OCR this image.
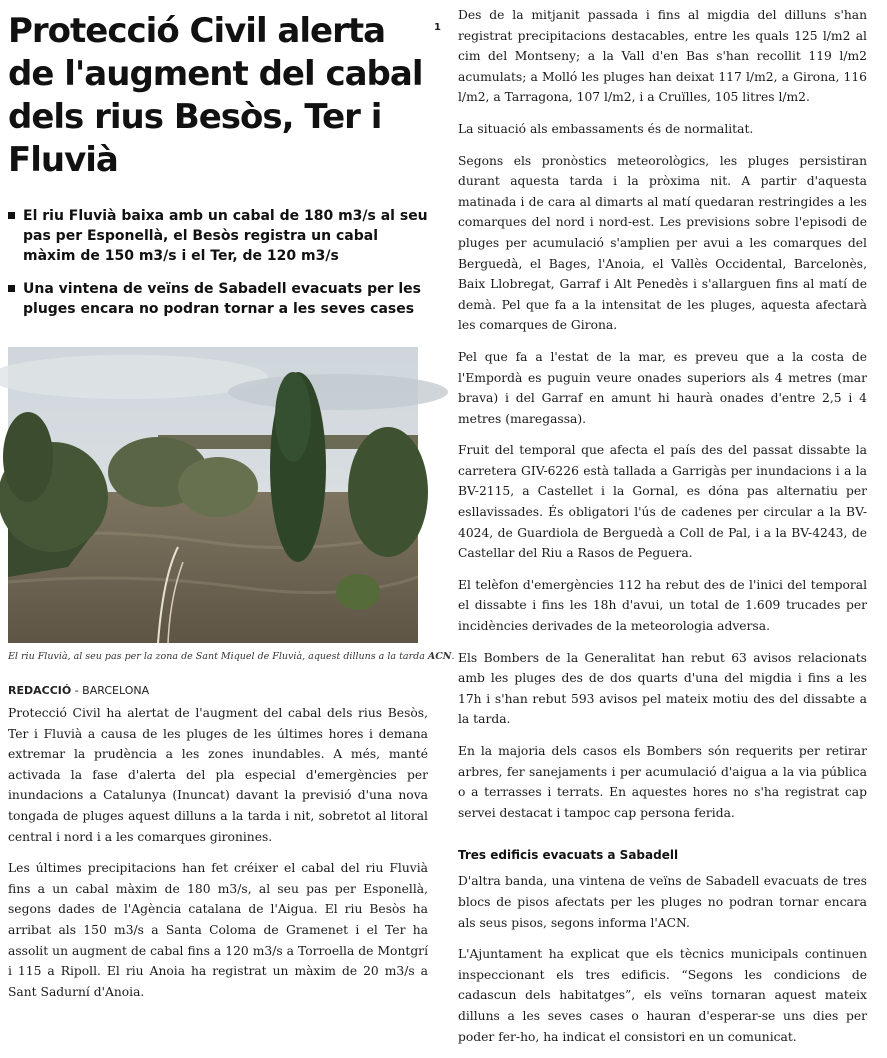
1
Protecció Civil alerta de l'augment del cabal dels rius Besòs, Ter i Fluvià
El riu Fluvià baixa amb un cabal de 180 m3/s al seu pas per Esponellà, el Besòs registra un cabal màxim de 150 m3/s i el Ter, de 120 m3/s
Una vintena de veïns de Sabadell evacuats per les pluges encara no podran tornar a les seves cases
El riu Fluvià, al seu pas per la zona de Sant Miquel de Fluvià, aquest dilluns a la tarda ACN.
REDACCIÓ - BARCELONA

Protecció Civil ha alertat de l'augment del cabal dels rius Besòs, Ter i Fluvià a causa de les pluges de les últimes hores i demana extremar la prudència a les zones inundables. A més, manté activada la fase d'alerta del pla especial d'emergències per inundacions a Catalunya (Inuncat) davant la previsió d'una nova tongada de pluges aquest dilluns a la tarda i nit, sobretot al litoral central i nord i a les comarques gironines.

Les últimes precipitacions han fet créixer el cabal del riu Fluvià fins a un cabal màxim de 180 m3/s, al seu pas per Esponellà, segons dades de l'Agència catalana de l'Aigua. El riu Besòs ha arribat als 150 m3/s a Santa Coloma de Gramenet i el Ter ha assolit un augment de cabal fins a 120 m3/s a Torroella de Montgrí i 115 a Ripoll. El riu Anoia ha registrat un màxim de 20 m3/s a Sant Sadurní d'Anoia.

Des de la mitjanit passada i fins al migdia del dilluns s'han registrat precipitacions destacables, entre les quals 125 l/m2 al cim del Montseny; a la Vall d'en Bas s'han recollit 119 l/m2 acumulats; a Molló les pluges han deixat 117 l/m2, a Girona, 116 l/m2, a Tarragona, 107 l/m2, i a Cruïlles, 105 litres l/m2.

La situació als embassaments és de normalitat.

Segons els pronòstics meteorològics, les pluges persistiran durant aquesta tarda i la pròxima nit. A partir d'aquesta matinada i de cara al dimarts al matí quedaran restringides a les comarques del nord i nord-est. Les previsions sobre l'episodi de pluges per acumulació s'amplien per avui a les comarques del Berguedà, el Bages, l'Anoia, el Vallès Occidental, Barcelonès, Baix Llobregat, Garraf i Alt Penedès i s'allarguen fins al matí de demà. Pel que fa a la intensitat de les pluges, aquesta afectarà les comarques de Girona.

Pel que fa a l'estat de la mar, es preveu que a la costa de l'Empordà es puguin veure onades superiors als 4 metres (mar brava) i del Garraf en amunt hi haurà onades d'entre 2,5 i 4 metres (maregassa).

Fruit del temporal que afecta el país des del passat dissabte la carretera GIV-6226 està tallada a Garrigàs per inundacions i a la BV-2115, a Castellet i la Gornal, es dóna pas alternatiu per esllavissades. És obligatori l'ús de cadenes per circular a la BV-4024, de Guardiola de Berguedà a Coll de Pal, i a la BV-4243, de Castellar del Riu a Rasos de Peguera.

El telèfon d'emergències 112 ha rebut des de l'inici del temporal el dissabte i fins les 18h d'avui, un total de 1.609 trucades per incidències derivades de la meteorologia adversa.

Els Bombers de la Generalitat han rebut 63 avisos relacionats amb les pluges des de dos quarts d'una del migdia i fins a les 17h i s'han rebut 593 avisos pel mateix motiu des del dissabte a la tarda.

En la majoria dels casos els Bombers són requerits per retirar arbres, fer sanejaments i per acumulació d'aigua a la via pública o a terrasses i terrats. En aquestes hores no s'ha registrat cap servei destacat i tampoc cap persona ferida.

Tres edificis evacuats a Sabadell

D'altra banda, una vintena de veïns de Sabadell evacuats de tres blocs de pisos afectats per les pluges no podran tornar encara als seus pisos, segons informa l'ACN.

L'Ajuntament ha explicat que els tècnics municipals continuen inspeccionant els tres edificis. “Segons les condicions de cadascun dels habitatges”, els veïns tornaran aquest mateix dilluns a les seves cases o hauran d'esperar-se uns dies per poder fer-ho, ha indicat el consistori en un comunicat.
